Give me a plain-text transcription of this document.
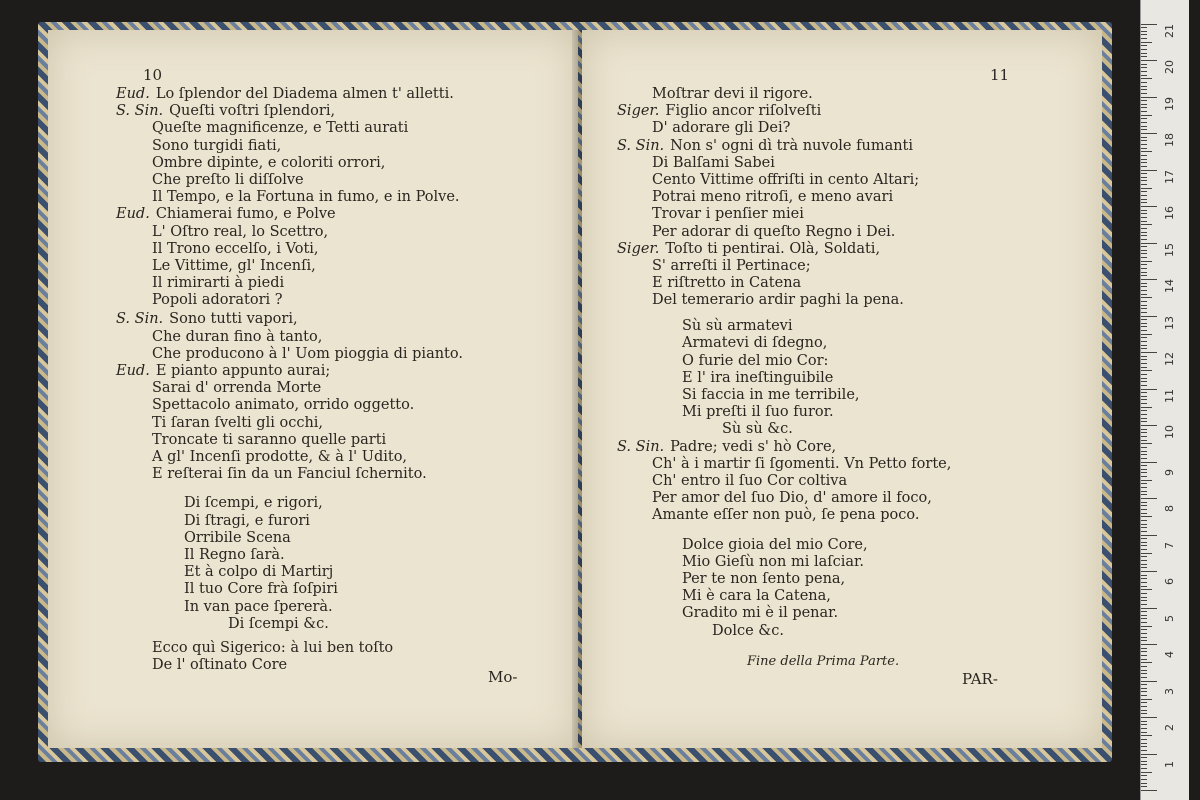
10
Eud. Lo ſplendor del Diadema almen t' alletti.
S. Sin. Queſti voſtri ſplendori,
Queſte magnificenze, e Tetti aurati
Sono turgidi fiati,
Ombre dipinte, e coloriti orrori,
Che preſto li diſſolve
Il Tempo, e la Fortuna in fumo, e in Polve.
Eud. Chiamerai fumo, e Polve
L' Oſtro real, lo Scettro,
Il Trono eccelſo, i Voti,
Le Vittime, gl' Incenſi,
Il rimirarti à piedi
Popoli adoratori ?
S. Sin. Sono tutti vapori,
Che duran fino à tanto,
Che producono à l' Uom pioggia di pianto.
Eud. E pianto appunto aurai;
Sarai d' orrenda Morte
Spettacolo animato, orrido oggetto.
Ti ſaran ſvelti gli occhi,
Troncate ti saranno quelle parti
A gl' Incenſi prodotte, & à l' Udito,
E reſterai ſin da un Fanciul ſchernito.
Di ſcempi, e rigori,
Di ſtragi, e furori
Orribile Scena
Il Regno ſarà.
Et à colpo di Martirj
Il tuo Core frà ſoſpiri
In van pace ſpererà.
Di ſcempi &c.
Ecco quì Sigerico: à lui ben toſto
De l' oſtinato Core
Mo-
11
Moſtrar devi il rigore.
Siger. Figlio ancor riſolveſti
D' adorare gli Dei?
S. Sin. Non s' ogni dì trà nuvole fumanti
Di Balſami Sabei
Cento Vittime offriſti in cento Altari;
Potrai meno ritroſi, e meno avari
Trovar i penſier miei
Per adorar di queſto Regno i Dei.
Siger. Toſto ti pentirai. Olà, Soldati,
S' arreſti il Pertinace;
E riſtretto in Catena
Del temerario ardir paghi la pena.
Sù sù armatevi
Armatevi di ſdegno,
O furie del mio Cor:
E l' ira ineſtinguibile
Si faccia in me terribile,
Mi preſti il ſuo furor.
Sù sù &c.
S. Sin. Padre; vedi s' hò Core,
Ch' à i martir ſi ſgomenti. Vn Petto forte,
Ch' entro il ſuo Cor coltiva
Per amor del ſuo Dio, d' amore il foco,
Amante eſſer non può, ſe pena poco.
Dolce gioia del mio Core,
Mio Gieſù non mi laſciar.
Per te non ſento pena,
Mi è cara la Catena,
Gradito mi è il penar.
Dolce &c.
Fine della Prima Parte.
PAR-
1
2
3
4
5
6
7
8
9
10
11
12
13
14
15
16
17
18
19
20
21
